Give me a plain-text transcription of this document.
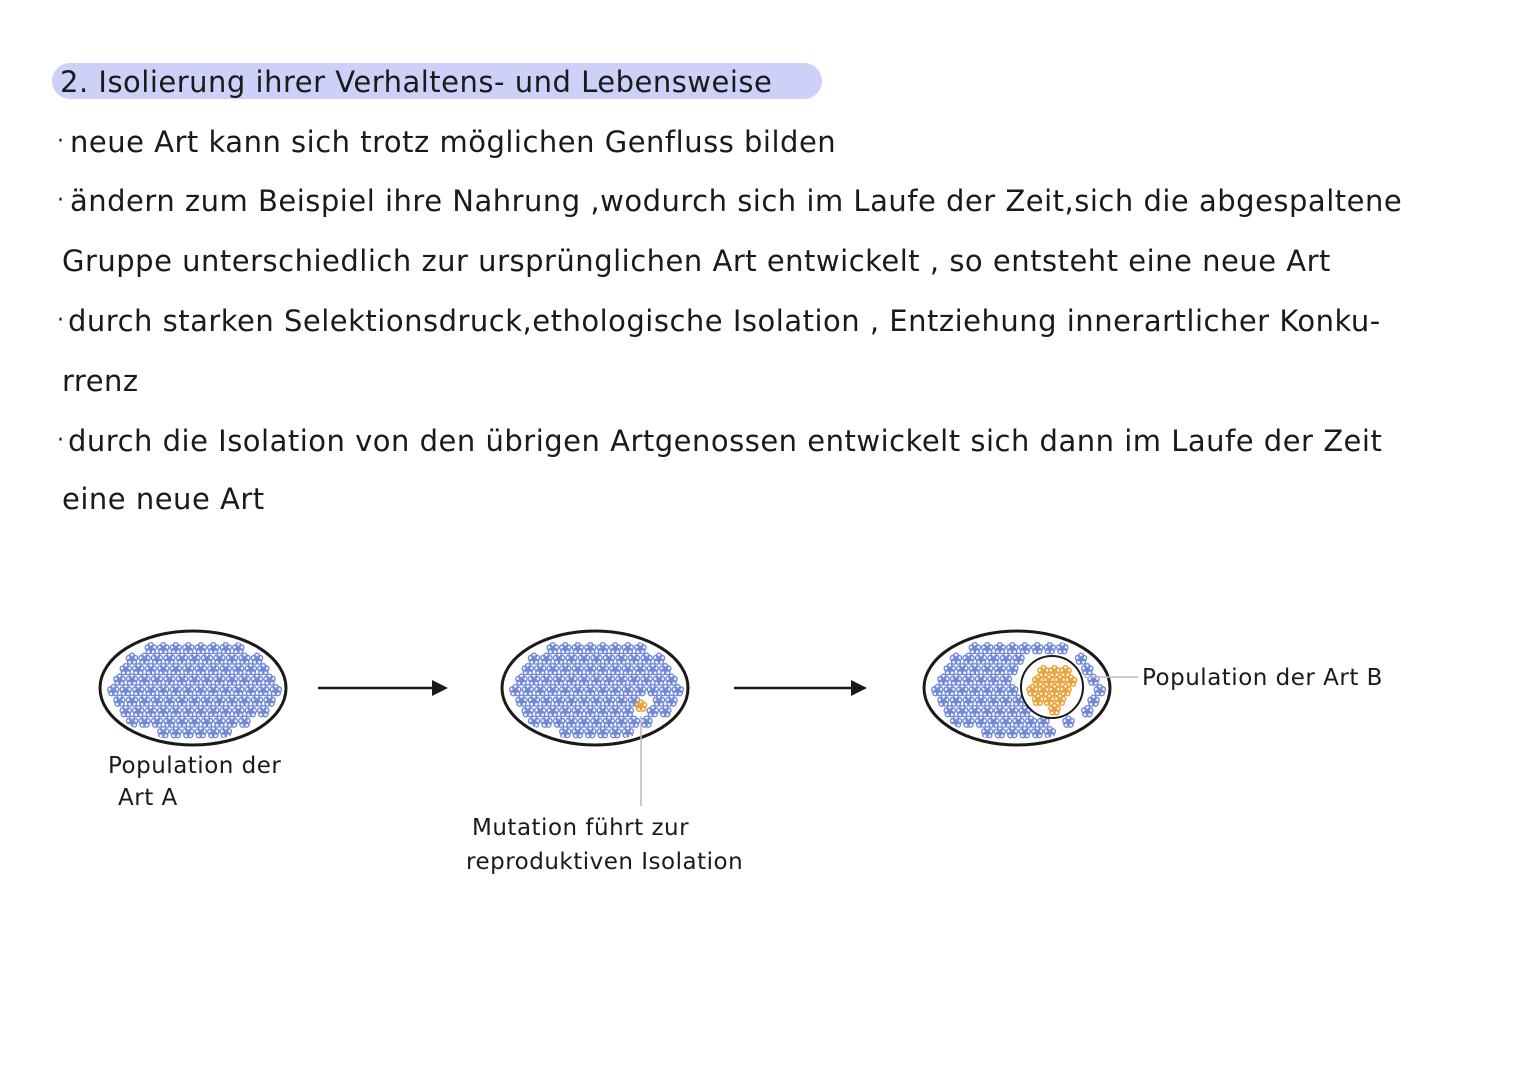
2. Isolierung ihrer Verhaltens- und Lebensweise
· neue Art kann sich trotz möglichen Genfluss bilden
· ändern zum Beispiel ihre Nahrung ,wodurch sich im Laufe der Zeit,sich die abgespaltene
Gruppe unterschiedlich zur ursprünglichen Art entwickelt , so entsteht eine neue Art
· durch starken Selektionsdruck,ethologische Isolation , Entziehung innerartlicher Konku-
rrenz
· durch die Isolation von den übrigen Artgenossen entwickelt sich dann im Laufe der Zeit
eine neue Art
Population der
Art A
Mutation führt zur
reproduktiven Isolation
Population der Art B
